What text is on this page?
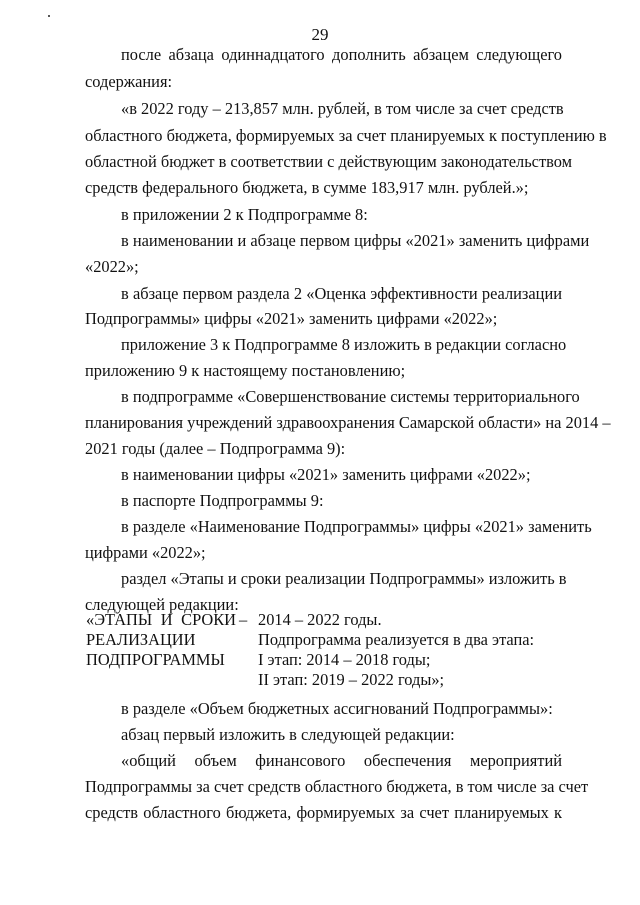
29
после абзаца одиннадцатого дополнить абзацем следующего
содержания:
«в 2022 году – 213,857 млн. рублей, в том числе за счет средств
областного бюджета, формируемых за счет планируемых к поступлению в
областной бюджет в соответствии с действующим законодательством
средств федерального бюджета, в сумме 183,917 млн. рублей.»;
в приложении 2 к Подпрограмме 8:
в наименовании и абзаце первом цифры «2021» заменить цифрами
«2022»;
в абзаце первом раздела 2 «Оценка эффективности реализации
Подпрограммы» цифры «2021» заменить цифрами «2022»;
приложение 3 к Подпрограмме 8 изложить в редакции согласно
приложению 9 к настоящему постановлению;
в подпрограмме «Совершенствование системы территориального
планирования учреждений здравоохранения Самарской области» на 2014 –
2021 годы (далее – Подпрограмма 9):
в наименовании цифры «2021» заменить цифрами «2022»;
в паспорте Подпрограммы 9:
в разделе «Наименование Подпрограммы» цифры «2021» заменить
цифрами «2022»;
раздел «Этапы и сроки реализации Подпрограммы» изложить в
следующей редакции:
«ЭТАПЫ И СРОКИ
РЕАЛИЗАЦИИ
ПОДПРОГРАММЫ
– 2014 – 2022 годы.
Подпрограмма реализуется в два этапа:
I этап: 2014 – 2018 годы;
II этап: 2019 – 2022 годы»;
в разделе «Объем бюджетных ассигнований Подпрограммы»:
абзац первый изложить в следующей редакции:
«общий объем финансового обеспечения мероприятий
Подпрограммы за счет средств областного бюджета, в том числе за счет
средств областного бюджета, формируемых за счет планируемых к
